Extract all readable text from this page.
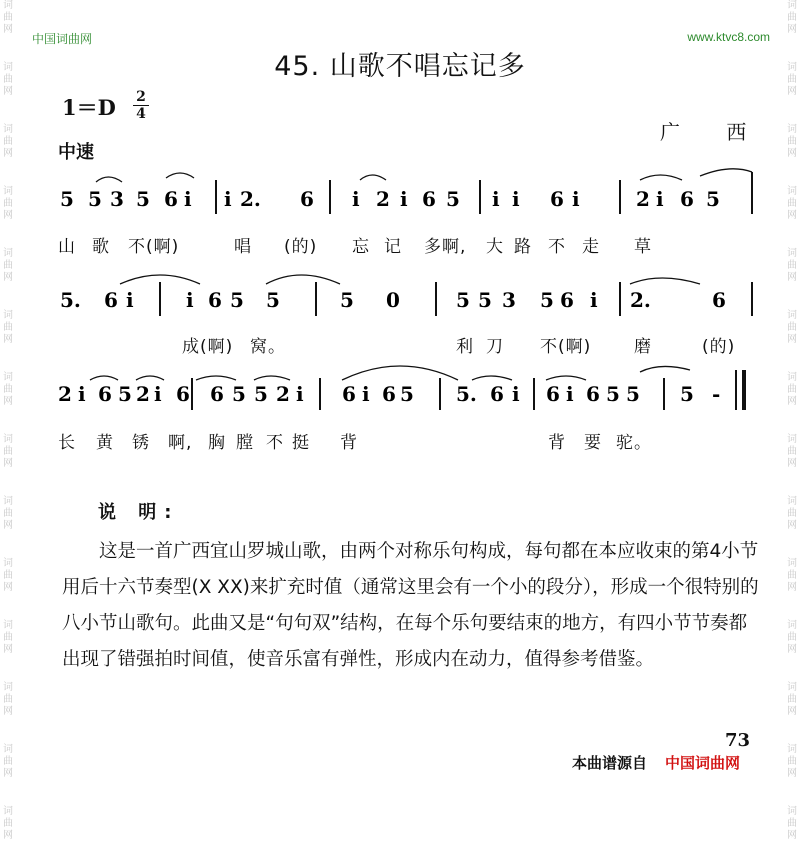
词曲网
词曲网
词曲网
词曲网
词曲网
词曲网
词曲网
词曲网
词曲网
词曲网
词曲网
词曲网
词曲网
词曲网
词曲网
词曲网
词曲网
词曲网
词曲网
词曲网
词曲网
词曲网
词曲网
词曲网
词曲网
词曲网
词曲网
词曲网
中国词曲网	www.ktvc8.com
45. 山歌不唱忘记多
1＝D 2
4
广 西
中速
5 5 3 5 6 i i 2. 6 i 2 i 6 5 i i 6 i	2 i 6 5
5. 6 i	i 6 5 5	5 0	5 5 3 5 6 i 2.	6
2 i 6 5 2 i 6 6 5 5 2 i 6 i 6 5 5. 6 i 6 i 6 5 5 5 -
山 歌 不(啊)	唱 (的) 忘 记 多啊, 大 路 不 走 草
成(啊) 窝。	利 刀 不(啊)	磨	(的)
长 黄 锈 啊, 胸 膛 不 挺 背	背 要 驼。
说 明:

这是一首广西宜山罗城山歌，由两个对称乐句构成，每句都在本应收束的第4小节用后十六节奏型(X XX)来扩充时值（通常这里会有一个小的段分），形成一个很特别的八小节山歌句。此曲又是“句句双”结构，在每个乐句要结束的地方，有四小节节奏都出现了错强拍时间值，使音乐富有弹性，形成内在动力，值得参考借鉴。

73
本曲谱源自 中国词曲网
